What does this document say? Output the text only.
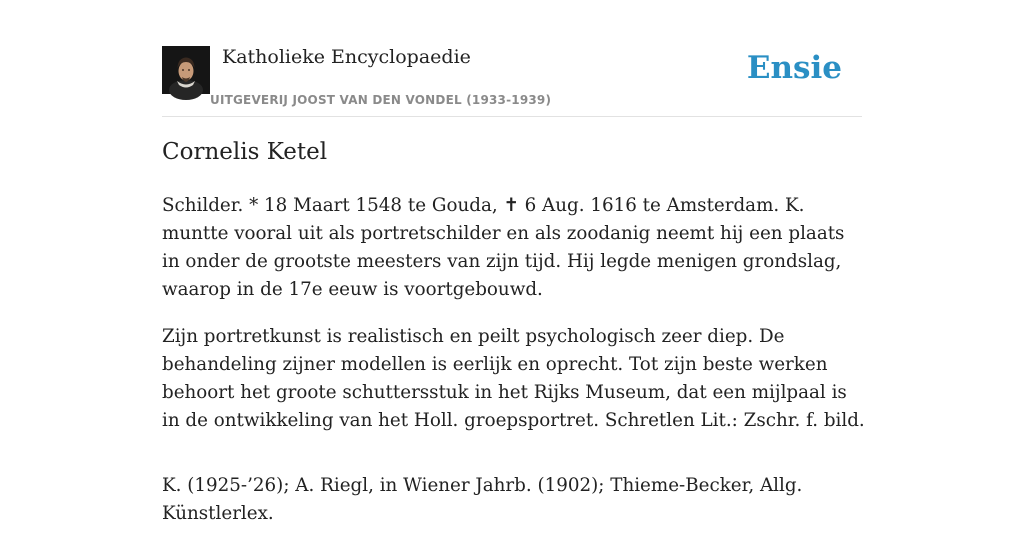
Katholieke Encyclopaedie
UITGEVERIJ JOOST VAN DEN VONDEL (1933-1939)
Ensie
Cornelis Ketel

Schilder. * 18 Maart 1548 te Gouda, ✝ 6 Aug. 1616 te Amsterdam. K. muntte vooral uit als portretschilder en als zoodanig neemt hij een plaats in onder de grootste meesters van zijn tijd. Hij legde menigen grondslag, waarop in de 17e eeuw is voortgebouwd.

Zijn portretkunst is realistisch en peilt psychologisch zeer diep. De behandeling zijner modellen is eerlijk en oprecht. Tot zijn beste werken behoort het groote schuttersstuk in het Rijks Museum, dat een mijlpaal is in de ontwikkeling van het Holl. groepsportret. Schretlen Lit.: Zschr. f. bild.

K. (1925-’26); A. Riegl, in Wiener Jahrb. (1902); Thieme-Becker, Allg. Künstlerlex.
